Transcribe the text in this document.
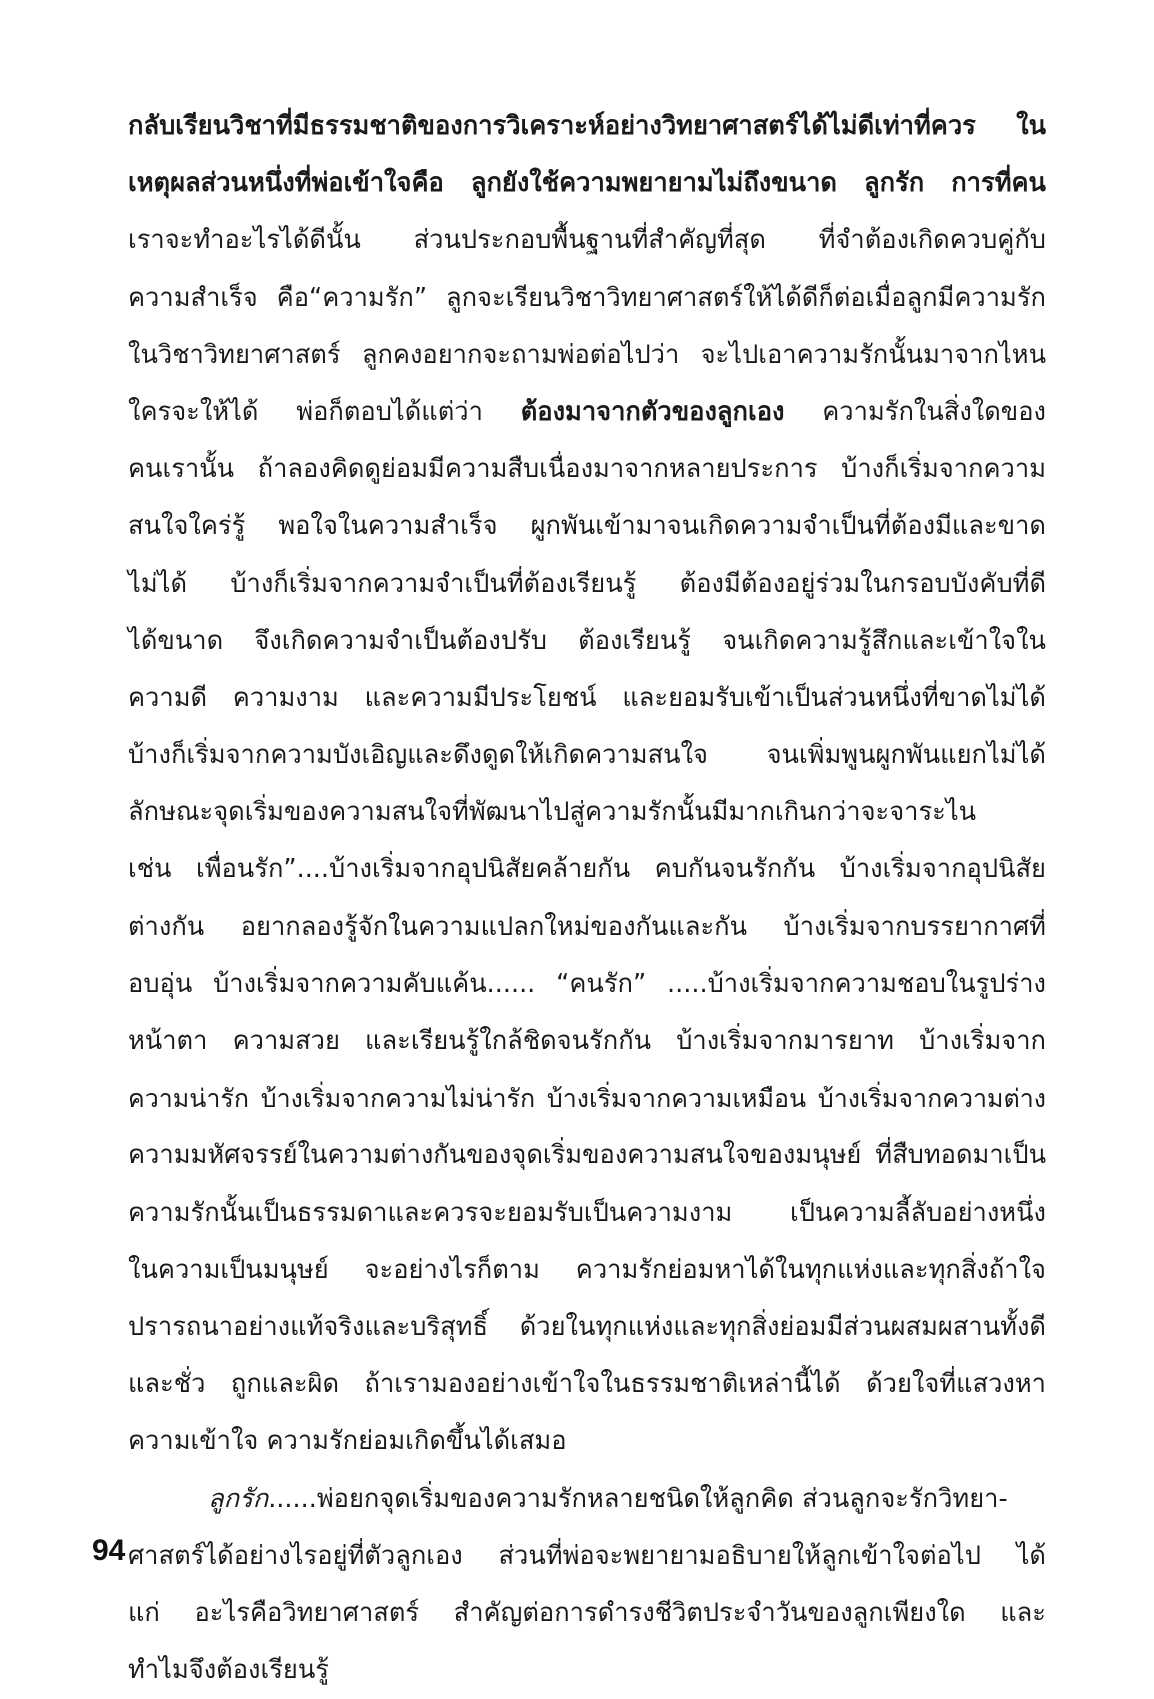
กลับเรียนวิชาที่มีธรรมชาติของการวิเคราะห์อย่างวิทยาศาสตร์ได้ไม่ดีเท่าที่ควร ใน
เหตุผลส่วนหนึ่งที่พ่อเข้าใจคือ ลูกยังใช้ความพยายามไม่ถึงขนาด ลูกรัก การที่คน
เราจะทำอะไรได้ดีนั้น ส่วนประกอบพื้นฐานที่สำคัญที่สุด ที่จำต้องเกิดควบคู่กับ
ความสำเร็จ คือ“ความรัก” ลูกจะเรียนวิชาวิทยาศาสตร์ให้ได้ดีก็ต่อเมื่อลูกมีความรัก
ในวิชาวิทยาศาสตร์ ลูกคงอยากจะถามพ่อต่อไปว่า จะไปเอาความรักนั้นมาจากไหน
ใครจะให้ได้ พ่อก็ตอบได้แต่ว่า ต้องมาจากตัวของลูกเอง ความรักในสิ่งใดของ
คนเรานั้น ถ้าลองคิดดูย่อมมีความสืบเนื่องมาจากหลายประการ บ้างก็เริ่มจากความ
สนใจใคร่รู้ พอใจในความสำเร็จ ผูกพันเข้ามาจนเกิดความจำเป็นที่ต้องมีและขาด
ไม่ได้ บ้างก็เริ่มจากความจำเป็นที่ต้องเรียนรู้ ต้องมีต้องอยู่ร่วมในกรอบบังคับที่ดี
ได้ขนาด จึงเกิดความจำเป็นต้องปรับ ต้องเรียนรู้ จนเกิดความรู้สึกและเข้าใจใน
ความดี ความงาม และความมีประโยชน์ และยอมรับเข้าเป็นส่วนหนึ่งที่ขาดไม่ได้
บ้างก็เริ่มจากความบังเอิญและดึงดูดให้เกิดความสนใจ จนเพิ่มพูนผูกพันแยกไม่ได้
ลักษณะจุดเริ่มของความสนใจที่พัฒนาไปสู่ความรักนั้นมีมากเกินกว่าจะจาระไน
เช่น เพื่อนรัก”....บ้างเริ่มจากอุปนิสัยคล้ายกัน คบกันจนรักกัน บ้างเริ่มจากอุปนิสัย
ต่างกัน อยากลองรู้จักในความแปลกใหม่ของกันและกัน บ้างเริ่มจากบรรยากาศที่
อบอุ่น บ้างเริ่มจากความคับแค้น...... “คนรัก” .....บ้างเริ่มจากความชอบในรูปร่าง
หน้าตา ความสวย และเรียนรู้ใกล้ชิดจนรักกัน บ้างเริ่มจากมารยาท บ้างเริ่มจาก
ความน่ารัก บ้างเริ่มจากความไม่น่ารัก บ้างเริ่มจากความเหมือน บ้างเริ่มจากความต่าง
ความมหัศจรรย์ในความต่างกันของจุดเริ่มของความสนใจของมนุษย์ ที่สืบทอดมาเป็น
ความรักนั้นเป็นธรรมดาและควรจะยอมรับเป็นความงาม เป็นความลี้ลับอย่างหนึ่ง
ในความเป็นมนุษย์ จะอย่างไรก็ตาม ความรักย่อมหาได้ในทุกแห่งและทุกสิ่งถ้าใจ
ปรารถนาอย่างแท้จริงและบริสุทธิ์ ด้วยในทุกแห่งและทุกสิ่งย่อมมีส่วนผสมผสานทั้งดี
และชั่ว ถูกและผิด ถ้าเรามองอย่างเข้าใจในธรรมชาติเหล่านี้ได้ ด้วยใจที่แสวงหา
ความเข้าใจ ความรักย่อมเกิดขึ้นได้เสมอ
ลูกรัก......พ่อยกจุดเริ่มของความรักหลายชนิดให้ลูกคิด ส่วนลูกจะรักวิทยา-
ศาสตร์ได้อย่างไรอยู่ที่ตัวลูกเอง ส่วนที่พ่อจะพยายามอธิบายให้ลูกเข้าใจต่อไป ได้
แก่ อะไรคือวิทยาศาสตร์ สำคัญต่อการดำรงชีวิตประจำวันของลูกเพียงใด และ
ทำไมจึงต้องเรียนรู้
94
